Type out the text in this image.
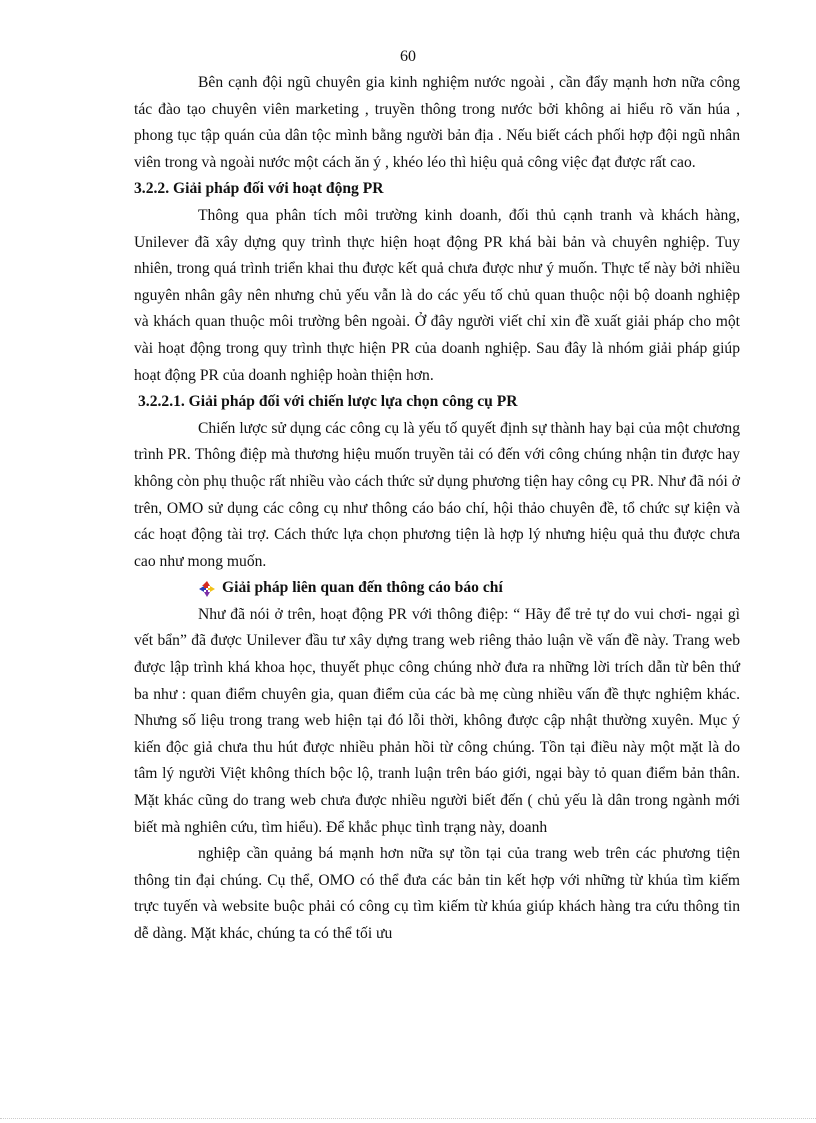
60

Bên cạnh đội ngũ chuyên gia kinh nghiệm nước ngoài , cần đẩy mạnh hơn nữa công tác đào tạo chuyên viên marketing , truyền thông trong nước bởi không ai hiểu rõ văn húa , phong tục tập quán của dân tộc mình bằng người bản địa . Nếu biết cách phối hợp đội ngũ nhân viên trong và ngoài nước một cách ăn ý , khéo léo thì hiệu quả công việc đạt được rất cao.

3.2.2. Giải pháp đối với hoạt động PR

Thông qua phân tích môi trường kinh doanh, đối thủ cạnh tranh và khách hàng, Unilever đã xây dựng quy trình thực hiện hoạt động PR khá bài bản và chuyên nghiệp. Tuy nhiên, trong quá trình triển khai thu được kết quả chưa được như ý muốn. Thực tế này bởi nhiều nguyên nhân gây nên nhưng chủ yếu vẫn là do các yếu tố chủ quan thuộc nội bộ doanh nghiệp và khách quan thuộc môi trường bên ngoài. Ở đây người viết chỉ xin đề xuất giải pháp cho một vài hoạt động trong quy trình thực hiện PR của doanh nghiệp. Sau đây là nhóm giải pháp giúp hoạt động PR của doanh nghiệp hoàn thiện hơn.

3.2.2.1. Giải pháp đối với chiến lược lựa chọn công cụ PR

Chiến lược sử dụng các công cụ là yếu tố quyết định sự thành hay bại của một chương trình PR. Thông điệp mà thương hiệu muốn truyền tải có đến với công chúng nhận tin được hay không còn phụ thuộc rất nhiều vào cách thức sử dụng phương tiện hay công cụ PR. Như đã nói ở trên, OMO sử dụng các công cụ như thông cáo báo chí, hội thảo chuyên đề, tổ chức sự kiện và các hoạt động tài trợ. Cách thức lựa chọn phương tiện là hợp lý nhưng hiệu quả thu được chưa cao như mong muốn.

Giải pháp liên quan đến thông cáo báo chí

Như đã nói ở trên, hoạt động PR với thông điệp: “ Hãy để trẻ tự do vui chơi- ngại gì vết bẩn” đã được Unilever đầu tư xây dựng trang web riêng thảo luận về vấn đề này. Trang web được lập trình khá khoa học, thuyết phục công chúng nhờ đưa ra những lời trích dẫn từ bên thứ ba như : quan điểm chuyên gia, quan điểm của các bà mẹ cùng nhiều vấn đề thực nghiệm khác. Nhưng số liệu trong trang web hiện tại đó lỗi thời, không được cập nhật thường xuyên. Mục ý kiến độc giả chưa thu hút được nhiều phản hồi từ công chúng. Tồn tại điều này một mặt là do tâm lý người Việt không thích bộc lộ, tranh luận trên báo giới, ngại bày tỏ quan điểm bản thân. Mặt khác cũng do trang web chưa được nhiều người biết đến ( chủ yếu là dân trong ngành mới biết mà nghiên cứu, tìm hiểu). Để khắc phục tình trạng này, doanh

nghiệp cần quảng bá mạnh hơn nữa sự tồn tại của trang web trên các phương tiện thông tin đại chúng. Cụ thể, OMO có thể đưa các bản tin kết hợp với những từ khúa tìm kiếm trực tuyến và website buộc phải có công cụ tìm kiếm từ khúa giúp khách hàng tra cứu thông tin dễ dàng. Mặt khác, chúng ta có thể tối ưu
